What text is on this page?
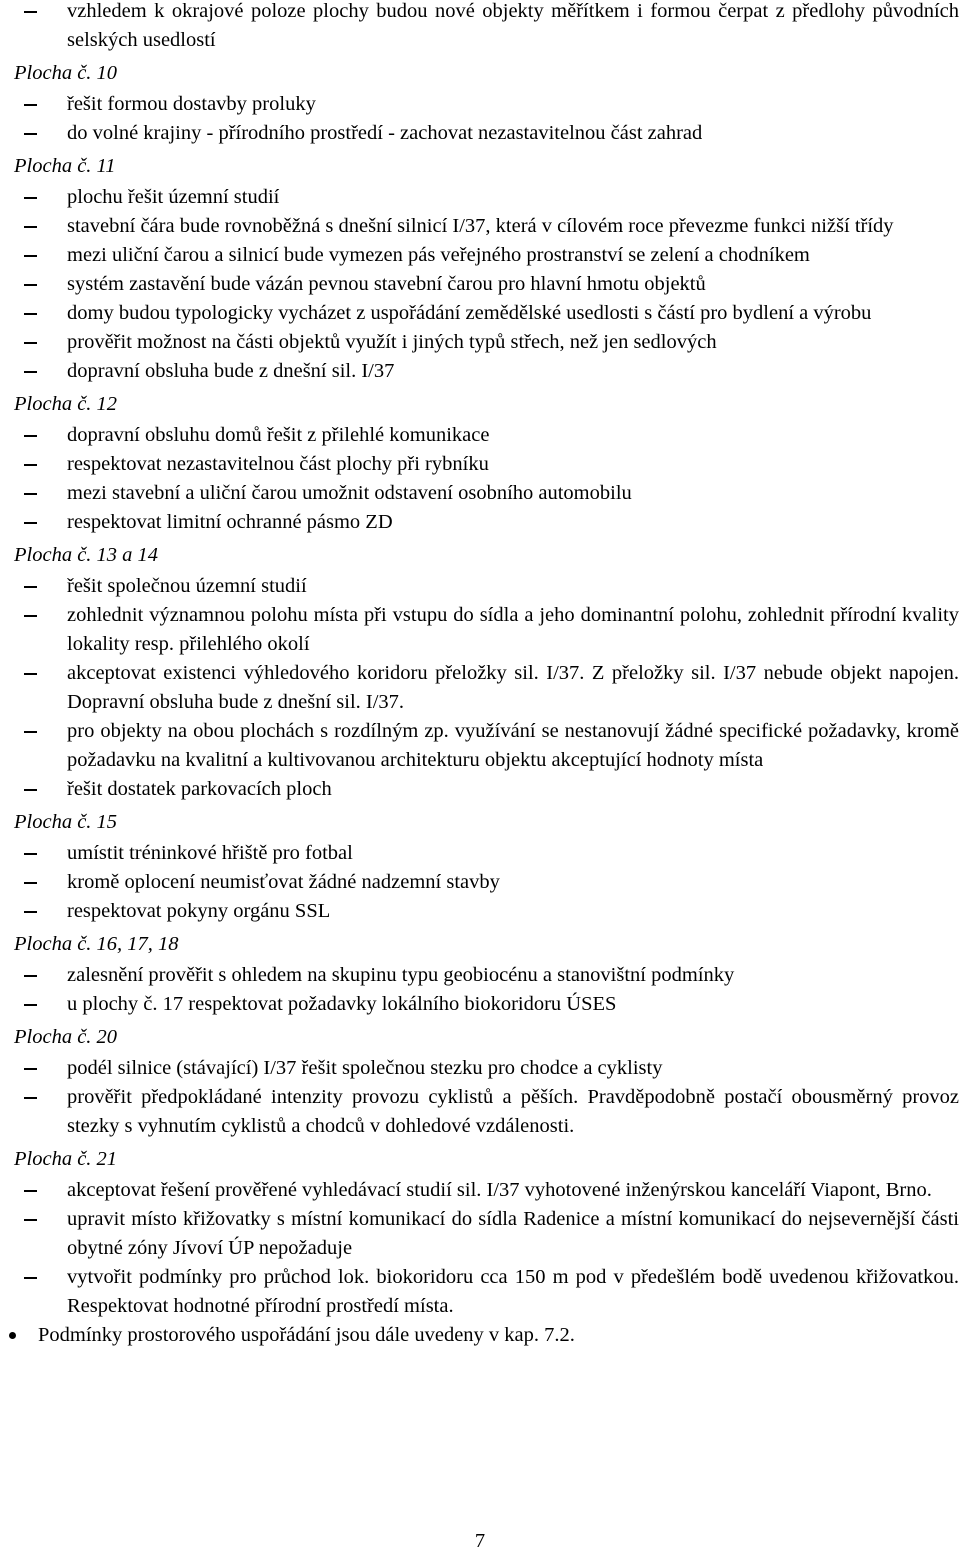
vzhledem k okrajové poloze plochy budou nové objekty měřítkem i formou čerpat z předlohy původních selských usedlostí
Plocha č. 10
řešit formou dostavby proluky
do volné krajiny - přírodního prostředí - zachovat nezastavitelnou část zahrad
Plocha č. 11
plochu řešit územní studií
stavební čára bude rovnoběžná s dnešní silnicí I/37, která v cílovém roce převezme funkci nižší třídy
mezi uliční čarou a silnicí bude vymezen pás veřejného prostranství se zelení a chodníkem
systém zastavění bude vázán pevnou stavební čarou pro hlavní hmotu objektů
domy budou typologicky vycházet z uspořádání zemědělské usedlosti s částí pro bydlení a výrobu
prověřit možnost na části objektů využít i jiných typů střech, než jen sedlových
dopravní obsluha bude z dnešní sil. I/37
Plocha č. 12
dopravní obsluhu domů řešit z přilehlé komunikace
respektovat nezastavitelnou část plochy při rybníku
mezi stavební a uliční čarou umožnit odstavení osobního automobilu
respektovat limitní ochranné pásmo ZD
Plocha č. 13 a 14
řešit společnou územní studií
zohlednit významnou polohu místa při vstupu do sídla a jeho dominantní polohu, zohlednit přírodní kvality lokality resp. přilehlého okolí
akceptovat existenci výhledového koridoru přeložky sil. I/37. Z přeložky sil. I/37 nebude objekt napojen. Dopravní obsluha bude z dnešní sil. I/37.
pro objekty na obou plochách s rozdílným zp. využívání se nestanovují žádné specifické požadavky, kromě požadavku na kvalitní a kultivovanou architekturu objektu akceptující hodnoty místa
řešit dostatek parkovacích ploch
Plocha č. 15
umístit tréninkové hřiště pro fotbal
kromě oplocení neumisťovat žádné nadzemní stavby
respektovat pokyny orgánu SSL
Plocha č. 16, 17, 18
zalesnění prověřit s ohledem na skupinu typu geobiocénu a stanovištní podmínky
u plochy č. 17 respektovat požadavky lokálního biokoridoru ÚSES
Plocha č. 20
podél silnice (stávající) I/37 řešit společnou stezku pro chodce a cyklisty
prověřit předpokládané intenzity provozu cyklistů a pěších. Pravděpodobně postačí obousměrný provoz stezky s vyhnutím cyklistů a chodců v dohledové vzdálenosti.
Plocha č. 21
akceptovat řešení prověřené vyhledávací studií sil. I/37 vyhotovené inženýrskou kanceláří Viapont, Brno.
upravit místo křižovatky s místní komunikací do sídla Radenice a místní komunikací do nejsevernější části obytné zóny Jívoví ÚP nepožaduje
vytvořit podmínky pro průchod lok. biokoridoru cca 150 m pod v předešlém bodě uvedenou křižovatkou. Respektovat hodnotné přírodní prostředí místa.
Podmínky prostorového uspořádání jsou dále uvedeny v kap. 7.2.
7
